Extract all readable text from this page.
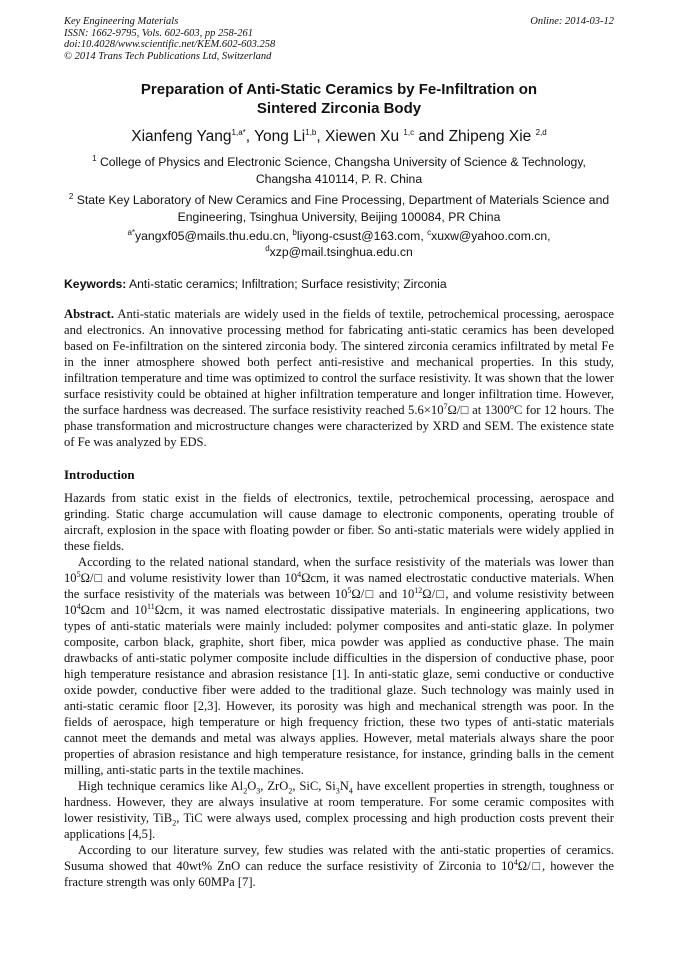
Key Engineering Materials
ISSN: 1662-9795, Vols. 602-603, pp 258-261
doi:10.4028/www.scientific.net/KEM.602-603.258
© 2014 Trans Tech Publications Ltd, Switzerland
Online: 2014-03-12
Preparation of Anti-Static Ceramics by Fe-Infiltration on
Sintered Zirconia Body
Xianfeng Yang$^{1,a*}$, Yong Li$^{1,b}$, Xiewen Xu $^{1,c}$ and Zhipeng Xie $^{2,d}$
$^1$ College of Physics and Electronic Science, Changsha University of Science & Technology,
Changsha 410114, P. R. China
$^2$ State Key Laboratory of New Ceramics and Fine Processing, Department of Materials Science and
Engineering, Tsinghua University, Beijing 100084, PR China
$^{a*}$yangxf05@mails.thu.edu.cn, $^b$liyong-csust@163.com, $^c$xuxw@yahoo.com.cn,
$^d$xzp@mail.tsinghua.edu.cn
Keywords: Anti-static ceramics; Infiltration; Surface resistivity; Zirconia

Abstract. Anti-static materials are widely used in the fields of textile, petrochemical processing, aerospace and electronics. An innovative processing method for fabricating anti-static ceramics has been developed based on Fe-infiltration on the sintered zirconia body. The sintered zirconia ceramics infiltrated by metal Fe in the inner atmosphere showed both perfect anti-resistive and mechanical properties. In this study, infiltration temperature and time was optimized to control the surface resistivity. It was shown that the lower surface resistivity could be obtained at higher infiltration temperature and longer infiltration time. However, the surface hardness was decreased. The surface resistivity reached $5.6\times 10^7\Omega/□$ at 1300$^o$C for 12 hours. The phase transformation and microstructure changes were characterized by XRD and SEM. The existence state of Fe was analyzed by EDS.

Introduction

Hazards from static exist in the fields of electronics, textile, petrochemical processing, aerospace and grinding. Static charge accumulation will cause damage to electronic components, operating trouble of aircraft, explosion in the space with floating powder or fiber. So anti-static materials were widely applied in these fields.

According to the related national standard, when the surface resistivity of the materials was lower than $10^5\Omega/□$ and volume resistivity lower than $10^4\Omega cm$, it was named electrostatic conductive materials. When the surface resistivity of the materials was between $10^5\Omega/□$ and $10^{12}\Omega/□$, and volume resistivity between $10^4\Omega cm$ and $10^{11}\Omega cm$, it was named electrostatic dissipative materials. In engineering applications, two types of anti-static materials were mainly included: polymer composites and anti-static glaze. In polymer composite, carbon black, graphite, short fiber, mica powder was applied as conductive phase. The main drawbacks of anti-static polymer composite include difficulties in the dispersion of conductive phase, poor high temperature resistance and abrasion resistance [1]. In anti-static glaze, semi conductive or conductive oxide powder, conductive fiber were added to the traditional glaze. Such technology was mainly used in anti-static ceramic floor [2,3]. However, its porosity was high and mechanical strength was poor. In the fields of aerospace, high temperature or high frequency friction, these two types of anti-static materials cannot meet the demands and metal was always applies. However, metal materials always share the poor properties of abrasion resistance and high temperature resistance, for instance, grinding balls in the cement milling, anti-static parts in the textile machines.

High technique ceramics like $Al_2O_3$, ZrO$_2$, SiC, $Si_3N_4$ have excellent properties in strength, toughness or hardness. However, they are always insulative at room temperature. For some ceramic composites with lower resistivity, TiB$_2$, TiC were always used, complex processing and high production costs prevent their applications [4,5].

According to our literature survey, few studies was related with the anti-static properties of ceramics. Susuma showed that 40wt% ZnO can reduce the surface resistivity of Zirconia to $10^4\Omega/□$, however the fracture strength was only 60MPa [7].
